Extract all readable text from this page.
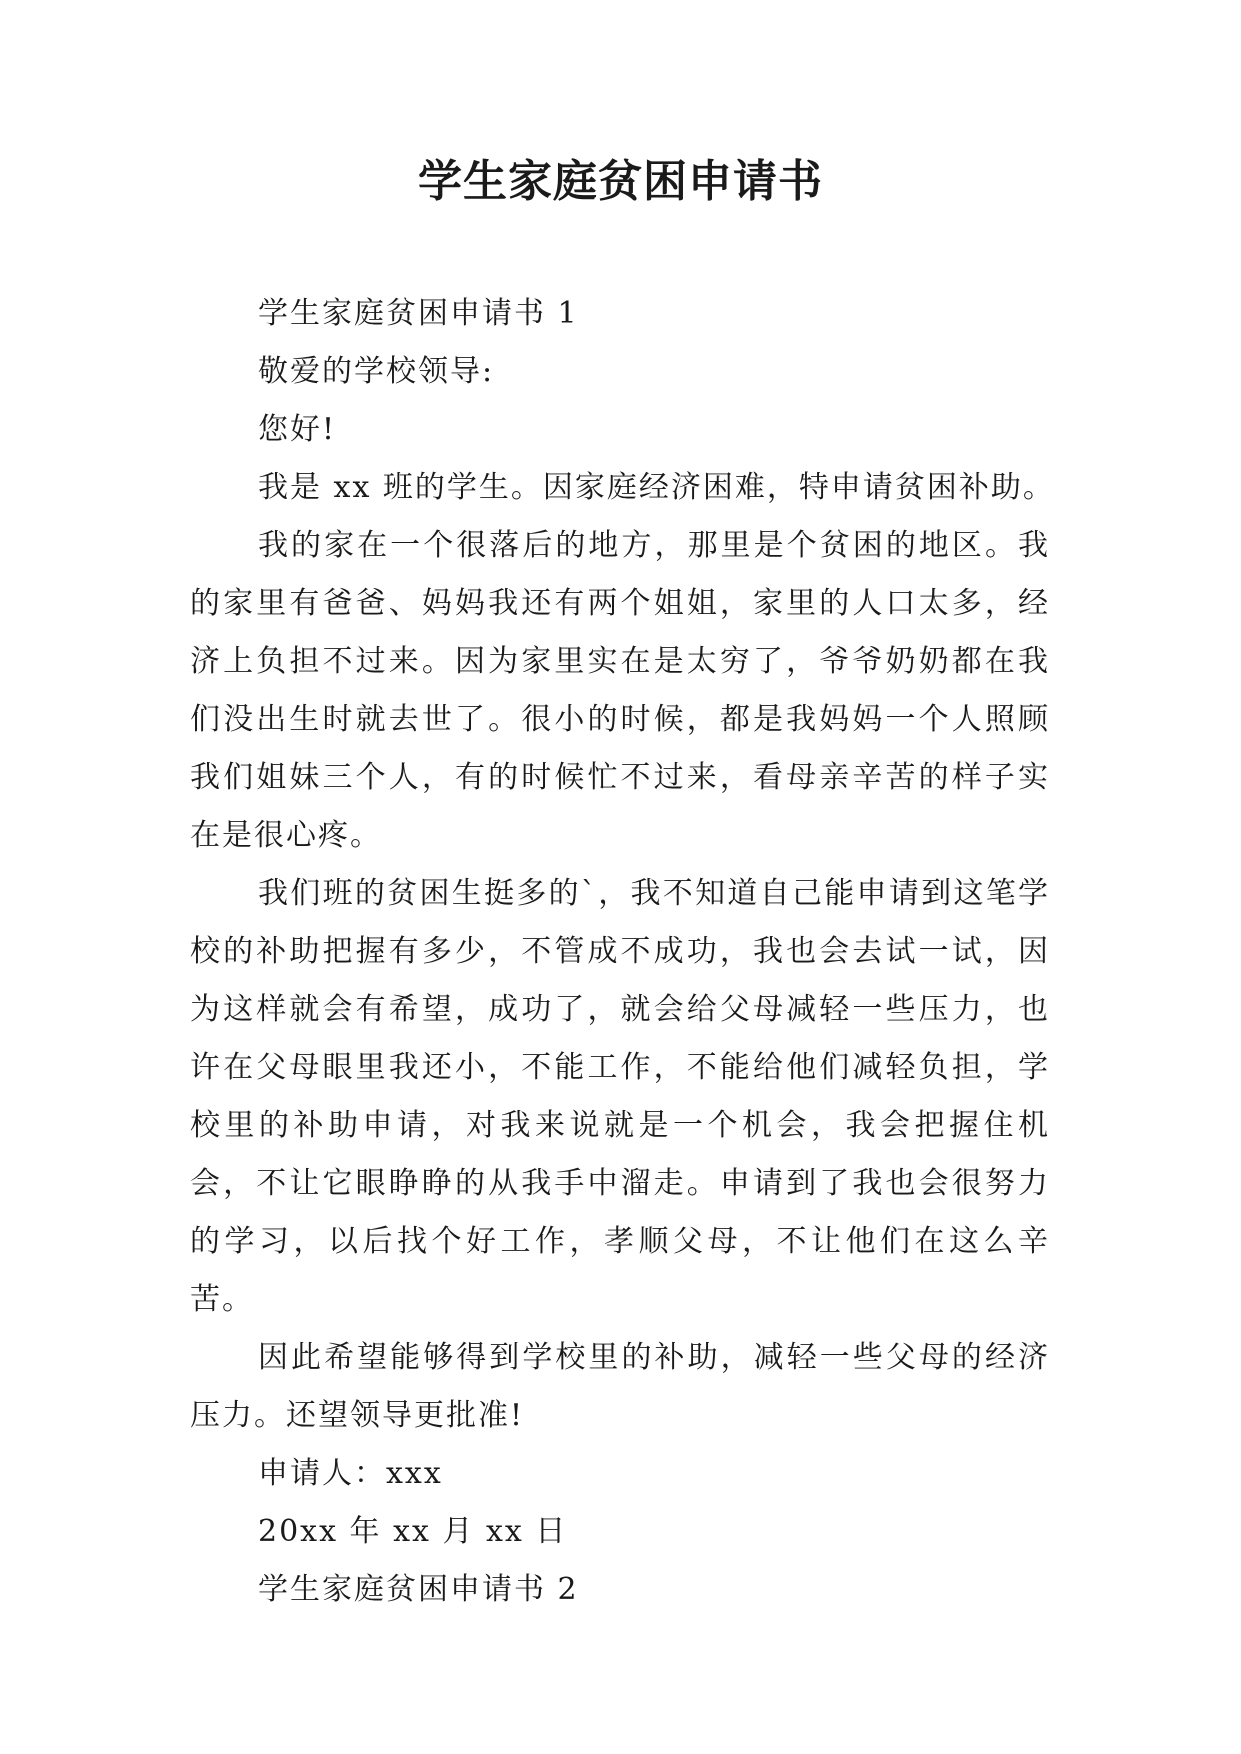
学生家庭贫困申请书

学生家庭贫困申请书 1

敬爱的学校领导:

您好!

我是 xx 班的学生。因家庭经济困难，特申请贫困补助。

我的家在一个很落后的地方，那里是个贫困的地区。我的家里有爸爸、妈妈我还有两个姐姐，家里的人口太多，经济上负担不过来。因为家里实在是太穷了，爷爷奶奶都在我们没出生时就去世了。很小的时候，都是我妈妈一个人照顾我们姐妹三个人，有的时候忙不过来，看母亲辛苦的样子实在是很心疼。

我们班的贫困生挺多的`，我不知道自己能申请到这笔学校的补助把握有多少，不管成不成功，我也会去试一试，因为这样就会有希望，成功了，就会给父母减轻一些压力，也许在父母眼里我还小，不能工作，不能给他们减轻负担，学校里的补助申请，对我来说就是一个机会，我会把握住机会，不让它眼睁睁的从我手中溜走。申请到了我也会很努力的学习，以后找个好工作，孝顺父母，不让他们在这么辛苦。

因此希望能够得到学校里的补助，减轻一些父母的经济压力。还望领导更批准!

申请人：xxx

20xx 年 xx 月 xx 日

学生家庭贫困申请书 2
